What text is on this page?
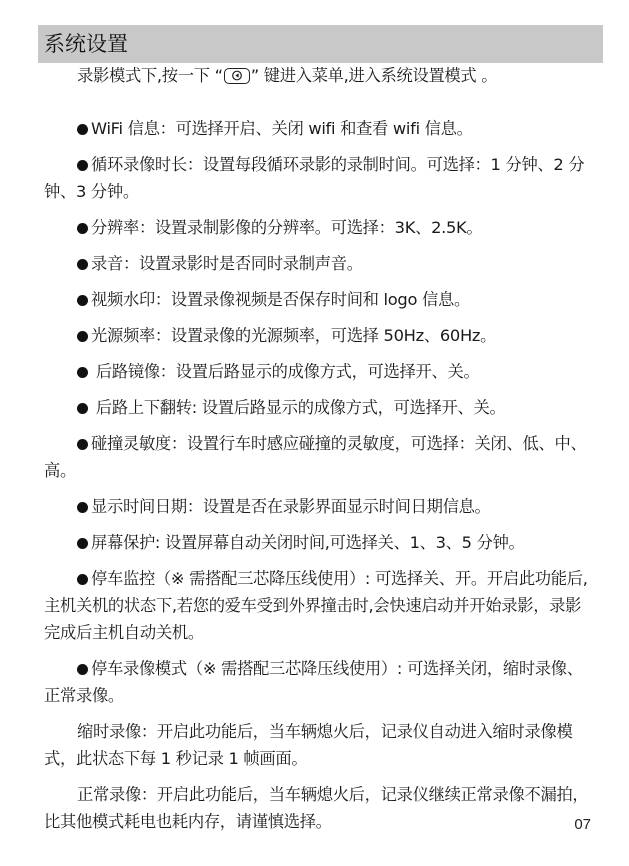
系统设置

录影模式下,按一下 “ ” 键进入菜单,进入系统设置模式 。

WiFi 信息：可选择开启、关闭 wifi 和查看 wifi 信息。

循环录像时长：设置每段循环录影的录制时间。可选择：1 分钟、2 分钟、3 分钟。

分辨率：设置录制影像的分辨率。可选择：3K、2.5K。

录音：设置录影时是否同时录制声音。

视频水印：设置录像视频是否保存时间和 logo 信息。

光源频率：设置录像的光源频率，可选择 50Hz、60Hz。

后路镜像：设置后路显示的成像方式，可选择开、关。

后路上下翻转: 设置后路显示的成像方式，可选择开、关。

碰撞灵敏度：设置行车时感应碰撞的灵敏度，可选择：关闭、低、中、高。

显示时间日期：设置是否在录影界面显示时间日期信息。

屏幕保护: 设置屏幕自动关闭时间,可选择关、1、3、5 分钟。

停车监控（※ 需搭配三芯降压线使用）: 可选择关、开。开启此功能后,主机关机的状态下,若您的爱车受到外界撞击时,会快速启动并开始录影，录影完成后主机自动关机。

停车录像模式（※ 需搭配三芯降压线使用）: 可选择关闭，缩时录像、正常录像。

缩时录像：开启此功能后，当车辆熄火后，记录仪自动进入缩时录像模式，此状态下每 1 秒记录 1 帧画面。

正常录像：开启此功能后，当车辆熄火后，记录仪继续正常录像不漏拍，比其他模式耗电也耗内存，请谨慎选择。	07
